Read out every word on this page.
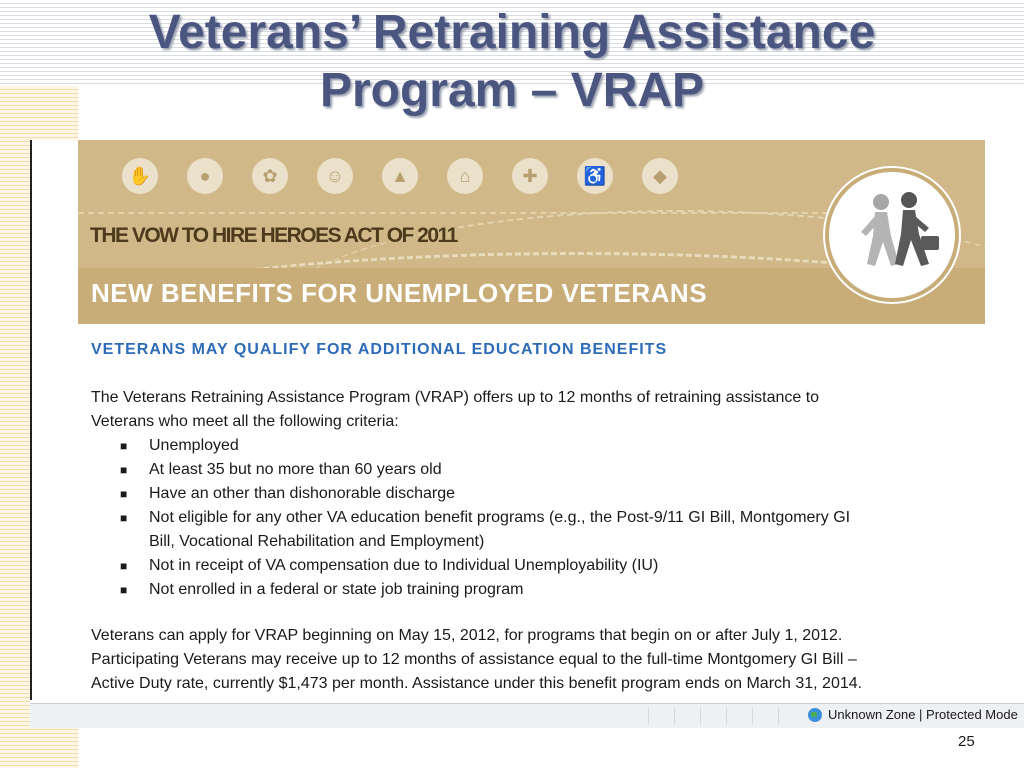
Veterans’ Retraining Assistance
Program – VRAP
✋	●	✿	☺	▲	⌂	✚	♿	◆
THE VOW TO HIRE HEROES ACT OF 2011
NEW BENEFITS FOR UNEMPLOYED VETERANS
VETERANS MAY QUALIFY FOR ADDITIONAL EDUCATION BENEFITS
The Veterans Retraining Assistance Program (VRAP) offers up to 12 months of retraining assistance to
Veterans who meet all the following criteria:
■ Unemployed
■ At least 35 but no more than 60 years old
■ Have an other than dishonorable discharge
■ Not eligible for any other VA education benefit programs (e.g., the Post-9/11 GI Bill, Montgomery GI
Bill, Vocational Rehabilitation and Employment)
■ Not in receipt of VA compensation due to Individual Unemployability (IU)
■ Not enrolled in a federal or state job training program
Veterans can apply for VRAP beginning on May 15, 2012, for programs that begin on or after July 1, 2012.
Participating Veterans may receive up to 12 months of assistance equal to the full-time Montgomery GI Bill –
Active Duty rate, currently $1,473 per month. Assistance under this benefit program ends on March 31, 2014.
Unknown Zone | Protected Mode
25
